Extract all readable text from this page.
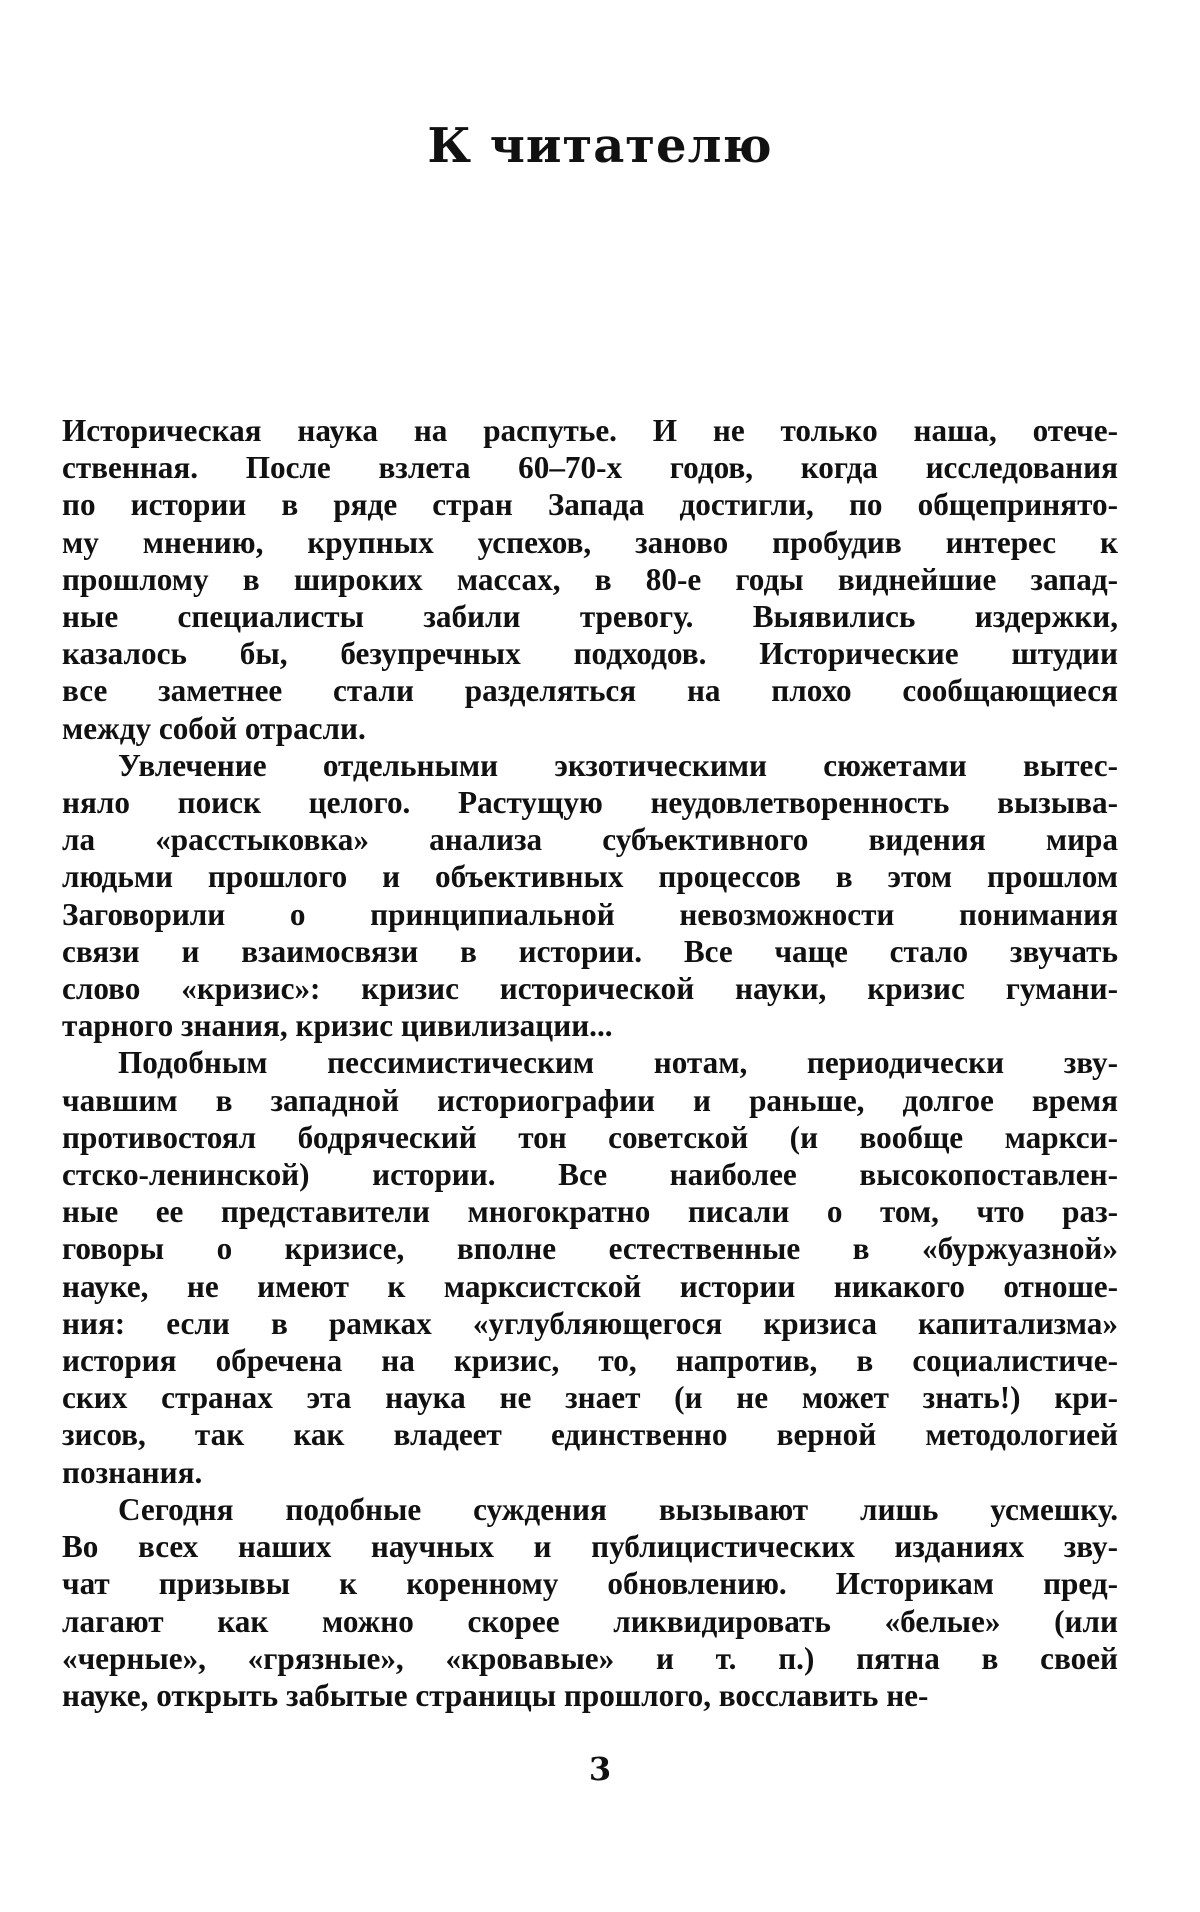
К читателю
Историческая наука на распутье. И не только наша, отече-
ственная. После взлета 60–70-х годов, когда исследования
по истории в ряде стран Запада достигли, по общепринято-
му мнению, крупных успехов, заново пробудив интерес к
прошлому в широких массах, в 80-е годы виднейшие запад-
ные специалисты забили тревогу. Выявились издержки,
казалось бы, безупречных подходов. Исторические штудии
все заметнее стали разделяться на плохо сообщающиеся
между собой отрасли.
Увлечение отдельными экзотическими сюжетами вытес-
няло поиск целого. Растущую неудовлетворенность вызыва-
ла «расстыковка» анализа субъективного видения мира
людьми прошлого и объективных процессов в этом прошлом
Заговорили о принципиальной невозможности понимания
связи и взаимосвязи в истории. Все чаще стало звучать
слово «кризис»: кризис исторической науки, кризис гумани-
тарного знания, кризис цивилизации...
Подобным пессимистическим нотам, периодически зву-
чавшим в западной историографии и раньше, долгое время
противостоял бодрячеcкий тон советской (и вообще маркси-
стско-ленинской) истории. Все наиболее высокопоставлен-
ные ее представители многократно писали о том, что раз-
говоры о кризисе, вполне естественные в «буржуазной»
науке, не имеют к марксистской истории никакого отноше-
ния: если в рамках «углубляющегося кризиса капитализма»
история обречена на кризис, то, напротив, в социалистиче-
ских странах эта наука не знает (и не может знать!) кри-
зисов, так как владеет единственно верной методологией
познания.
Сегодня подобные суждения вызывают лишь усмешку.
Во всех наших научных и публицистических изданиях зву-
чат призывы к коренному обновлению. Историкам пред-
лагают как можно скорее ликвидировать «белые» (или
«черные», «грязные», «кровавые» и т. п.) пятна в своей
науке, открыть забытые страницы прошлого, восславить не-
3
